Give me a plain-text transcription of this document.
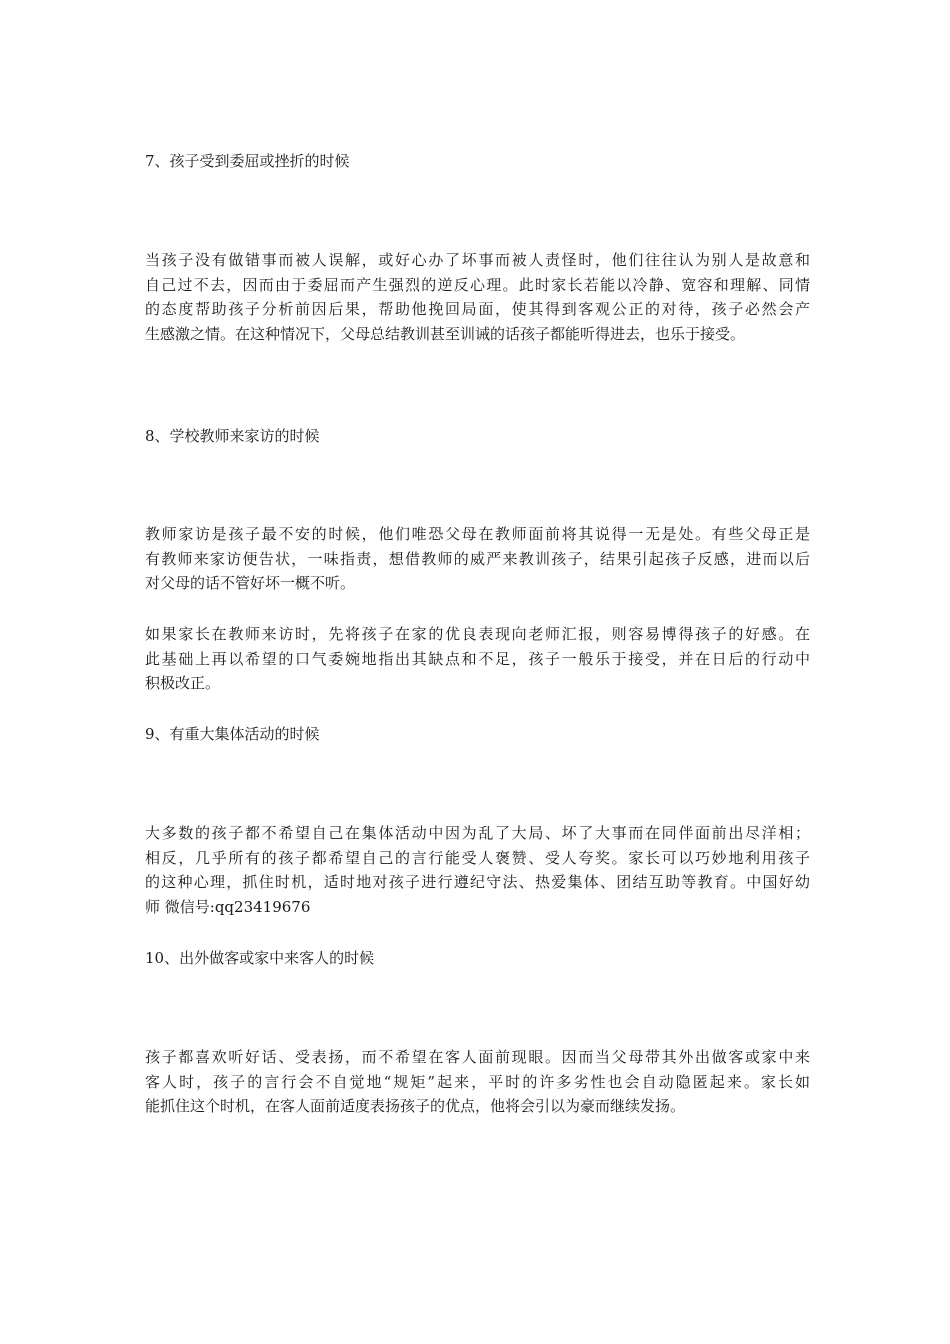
7、孩子受到委屈或挫折的时候

当孩子没有做错事而被人误解，或好心办了坏事而被人责怪时，他们往往认为别人是故意和
自己过不去，因而由于委屈而产生强烈的逆反心理。此时家长若能以冷静、宽容和理解、同情
的态度帮助孩子分析前因后果，帮助他挽回局面，使其得到客观公正的对待，孩子必然会产
生感激之情。在这种情况下，父母总结教训甚至训诫的话孩子都能听得进去，也乐于接受。

8、学校教师来家访的时候

教师家访是孩子最不安的时候，他们唯恐父母在教师面前将其说得一无是处。有些父母正是
有教师来家访便告状，一味指责，想借教师的威严来教训孩子，结果引起孩子反感，进而以后
对父母的话不管好坏一概不听。
如果家长在教师来访时，先将孩子在家的优良表现向老师汇报，则容易博得孩子的好感。在
此基础上再以希望的口气委婉地指出其缺点和不足，孩子一般乐于接受，并在日后的行动中
积极改正。

9、有重大集体活动的时候

大多数的孩子都不希望自己在集体活动中因为乱了大局、坏了大事而在同伴面前出尽洋相；
相反，几乎所有的孩子都希望自己的言行能受人褒赞、受人夸奖。家长可以巧妙地利用孩子
的这种心理，抓住时机，适时地对孩子进行遵纪守法、热爱集体、团结互助等教育。中国好幼
师 微信号:qq23419676

10、出外做客或家中来客人的时候

孩子都喜欢听好话、受表扬，而不希望在客人面前现眼。因而当父母带其外出做客或家中来
客人时，孩子的言行会不自觉地“规矩”起来，平时的许多劣性也会自动隐匿起来。家长如
能抓住这个时机，在客人面前适度表扬孩子的优点，他将会引以为豪而继续发扬。
